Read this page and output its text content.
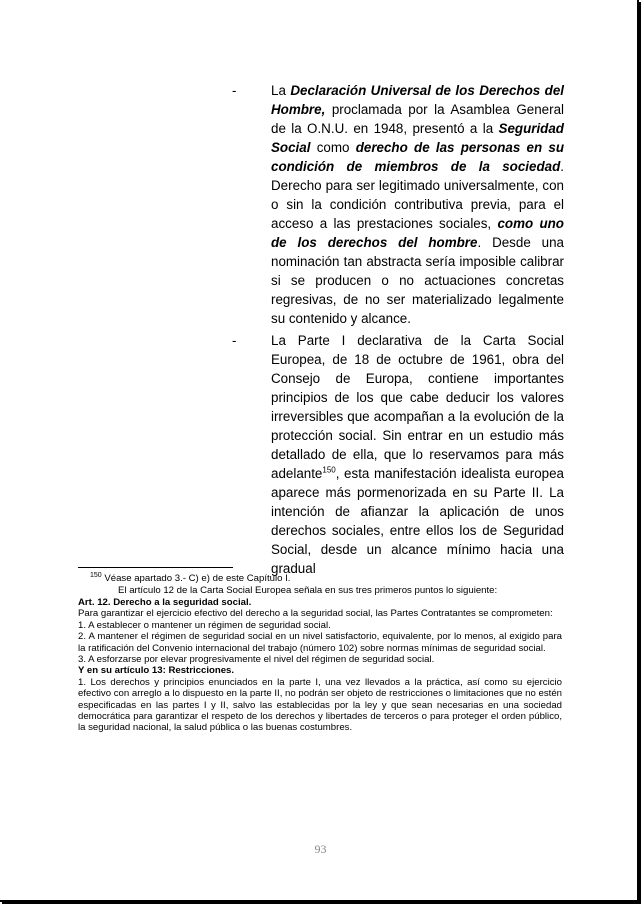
-	La Declaración Universal de los Derechos del Hombre, proclamada por la Asamblea General de la O.N.U. en 1948, presentó a la Seguridad Social como derecho de las personas en su condición de miembros de la sociedad. Derecho para ser legitimado universalmente, con o sin la condición contributiva previa, para el acceso a las prestaciones sociales, como uno de los derechos del hombre. Desde una nominación tan abstracta sería imposible calibrar si se producen o no actuaciones concretas regresivas, de no ser materializado legalmente su contenido y alcance.

-	La Parte I declarativa de la Carta Social Europea, de 18 de octubre de 1961, obra del Consejo de Europa, contiene importantes principios de los que cabe deducir los valores irreversibles que acompañan a la evolución de la protección social. Sin entrar en un estudio más detallado de ella, que lo reservamos para más adelante$^{150}$, esta manifestación idealista europea aparece más pormenorizada en su Parte II. La intención de afianzar la aplicación de unos derechos sociales, entre ellos los de Seguridad Social, desde un alcance mínimo hacia una gradual

$^{150}$ Véase apartado 3.- C) e) de este Capítulo I.

El artículo 12 de la Carta Social Europea señala en sus tres primeros puntos lo siguiente:

Art. 12. Derecho a la seguridad social.

Para garantizar el ejercicio efectivo del derecho a la seguridad social, las Partes Contratantes se comprometen:

1. A establecer o mantener un régimen de seguridad social.

2. A mantener el régimen de seguridad social en un nivel satisfactorio, equivalente, por lo menos, al exigido para la ratificación del Convenio internacional del trabajo (número 102) sobre normas mínimas de seguridad social.

3. A esforzarse por elevar progresivamente el nivel del régimen de seguridad social.

Y en su artículo 13: Restricciones.

1. Los derechos y principios enunciados en la parte I, una vez llevados a la práctica, así como su ejercicio efectivo con arreglo a lo dispuesto en la parte II, no podrán ser objeto de restricciones o limitaciones que no estén especificadas en las partes I y II, salvo las establecidas por la ley y que sean necesarias en una sociedad democrática para garantizar el respeto de los derechos y libertades de terceros o para proteger el orden público, la seguridad nacional, la salud pública o las buenas costumbres.

93
